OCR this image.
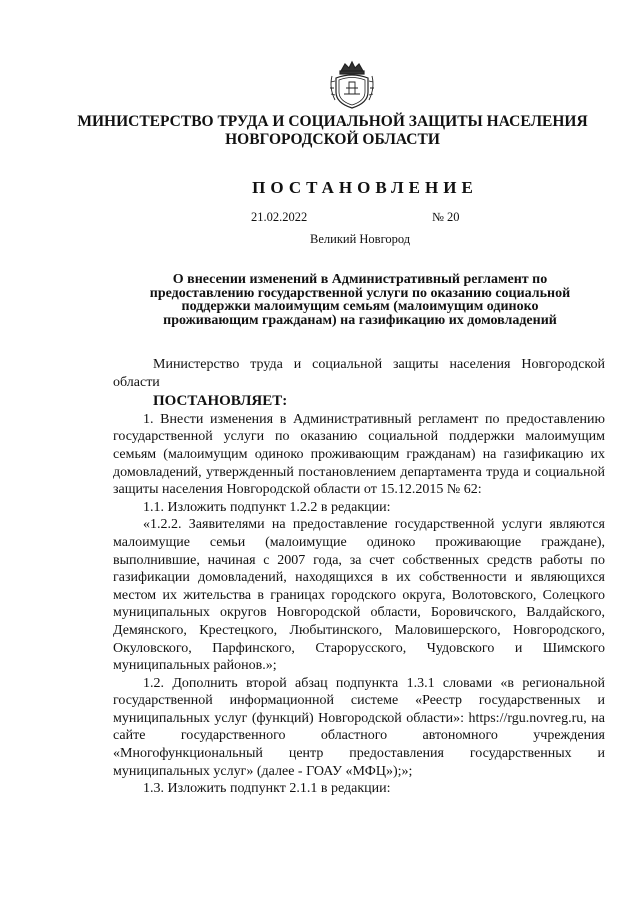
МИНИСТЕРСТВО ТРУДА И СОЦИАЛЬНОЙ ЗАЩИТЫ НАСЕЛЕНИЯ
НОВГОРОДСКОЙ ОБЛАСТИ
ПОСТАНОВЛЕНИЕ
21.02.2022	№ 20
Великий Новгород
О внесении изменений в Административный регламент по
предоставлению государственной услуги по оказанию социальной
поддержки малоимущим семьям (малоимущим одиноко
проживающим гражданам) на газификацию их домовладений

Министерство труда и социальной защиты населения Новгородской области

ПОСТАНОВЛЯЕТ:

1. Внести изменения в Административный регламент по предоставлению государственной услуги по оказанию социальной поддержки малоимущим семьям (малоимущим одиноко проживающим гражданам) на газификацию их домовладений, утвержденный постановлением департамента труда и социальной защиты населения Новгородской области от 15.12.2015 № 62:

1.1. Изложить подпункт 1.2.2 в редакции:

«1.2.2. Заявителями на предоставление государственной услуги являются малоимущие семьи (малоимущие одиноко проживающие граждане), выполнившие, начиная с 2007 года, за счет собственных средств работы по газификации домовладений, находящихся в их собственности и являющихся местом их жительства в границах городского округа, Волотовского, Солецкого муниципальных округов Новгородской области, Боровичского, Валдайского, Демянского, Крестецкого, Любытинского, Маловишерского, Новгородского, Окуловского, Парфинского, Старорусского, Чудовского и Шимского муниципальных районов.»;

1.2. Дополнить второй абзац подпункта 1.3.1 словами «в региональной государственной информационной системе «Реестр государственных и муниципальных услуг (функций) Новгородской области»: https://rgu.novreg.ru, на сайте государственного областного автономного учреждения «Многофункциональный центр предоставления государственных и муниципальных услуг» (далее - ГОАУ «МФЦ»);»;

1.3. Изложить подпункт 2.1.1 в редакции:
